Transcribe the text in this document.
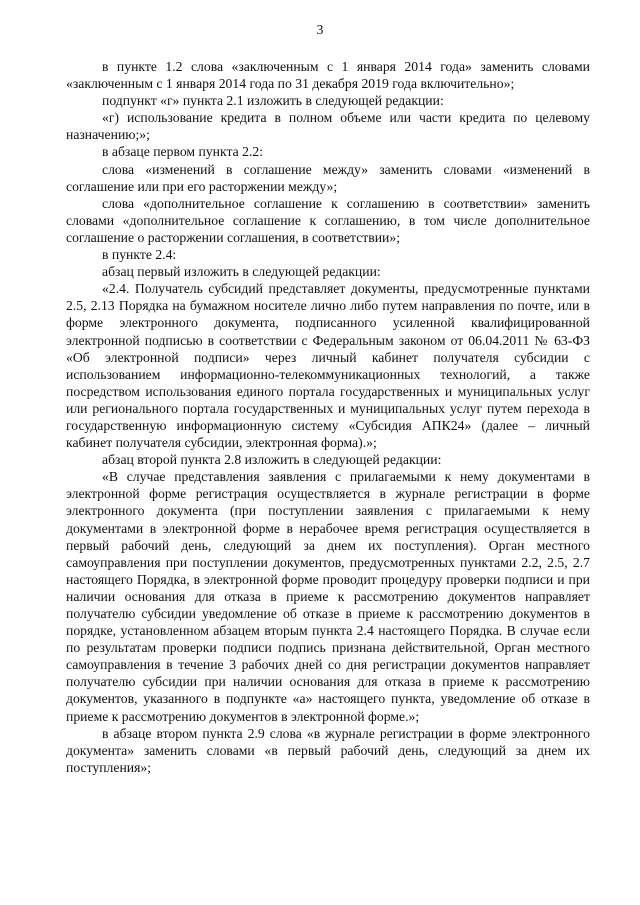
3

в пункте 1.2 слова «заключенным с 1 января 2014 года» заменить словами «заключенным с 1 января 2014 года по 31 декабря 2019 года включительно»;

подпункт «г» пункта 2.1 изложить в следующей редакции:

«г) использование кредита в полном объеме или части кредита по целевому назначению;»;

в абзаце первом пункта 2.2:

слова «изменений в соглашение между» заменить словами «изменений в соглашение или при его расторжении между»;

слова «дополнительное соглашение к соглашению в соответствии» заменить словами «дополнительное соглашение к соглашению, в том числе дополнительное соглашение о расторжении соглашения, в соответствии»;

в пункте 2.4:

абзац первый изложить в следующей редакции:

«2.4. Получатель субсидий представляет документы, предусмотренные пунктами 2.5, 2.13 Порядка на бумажном носителе лично либо путем направления по почте, или в форме электронного документа, подписанного усиленной квалифицированной электронной подписью в соответствии с Федеральным законом от 06.04.2011 № 63-ФЗ «Об электронной подписи» через личный кабинет получателя субсидии с использованием информационно-телекоммуникационных технологий, а также посредством использования единого портала государственных и муниципальных услуг или регионального портала государственных и муниципальных услуг путем перехода в государственную информационную систему «Субсидия АПК24» (далее – личный кабинет получателя субсидии, электронная форма).»;

абзац второй пункта 2.8 изложить в следующей редакции:

«В случае представления заявления с прилагаемыми к нему документами в электронной форме регистрация осуществляется в журнале регистрации в форме электронного документа (при поступлении заявления с прилагаемыми к нему документами в электронной форме в нерабочее время регистрация осуществляется в первый рабочий день, следующий за днем их поступления). Орган местного самоуправления при поступлении документов, предусмотренных пунктами 2.2, 2.5, 2.7 настоящего Порядка, в электронной форме проводит процедуру проверки подписи и при наличии основания для отказа в приеме к рассмотрению документов направляет получателю субсидии уведомление об отказе в приеме к рассмотрению документов в порядке, установленном абзацем вторым пункта 2.4 настоящего Порядка. В случае если по результатам проверки подписи подпись признана действительной, Орган местного самоуправления в течение 3 рабочих дней со дня регистрации документов направляет получателю субсидии при наличии основания для отказа в приеме к рассмотрению документов, указанного в подпункте «а» настоящего пункта, уведомление об отказе в приеме к рассмотрению документов в электронной форме.»;

в абзаце втором пункта 2.9 слова «в журнале регистрации в форме электронного документа» заменить словами «в первый рабочий день, следующий за днем их поступления»;
